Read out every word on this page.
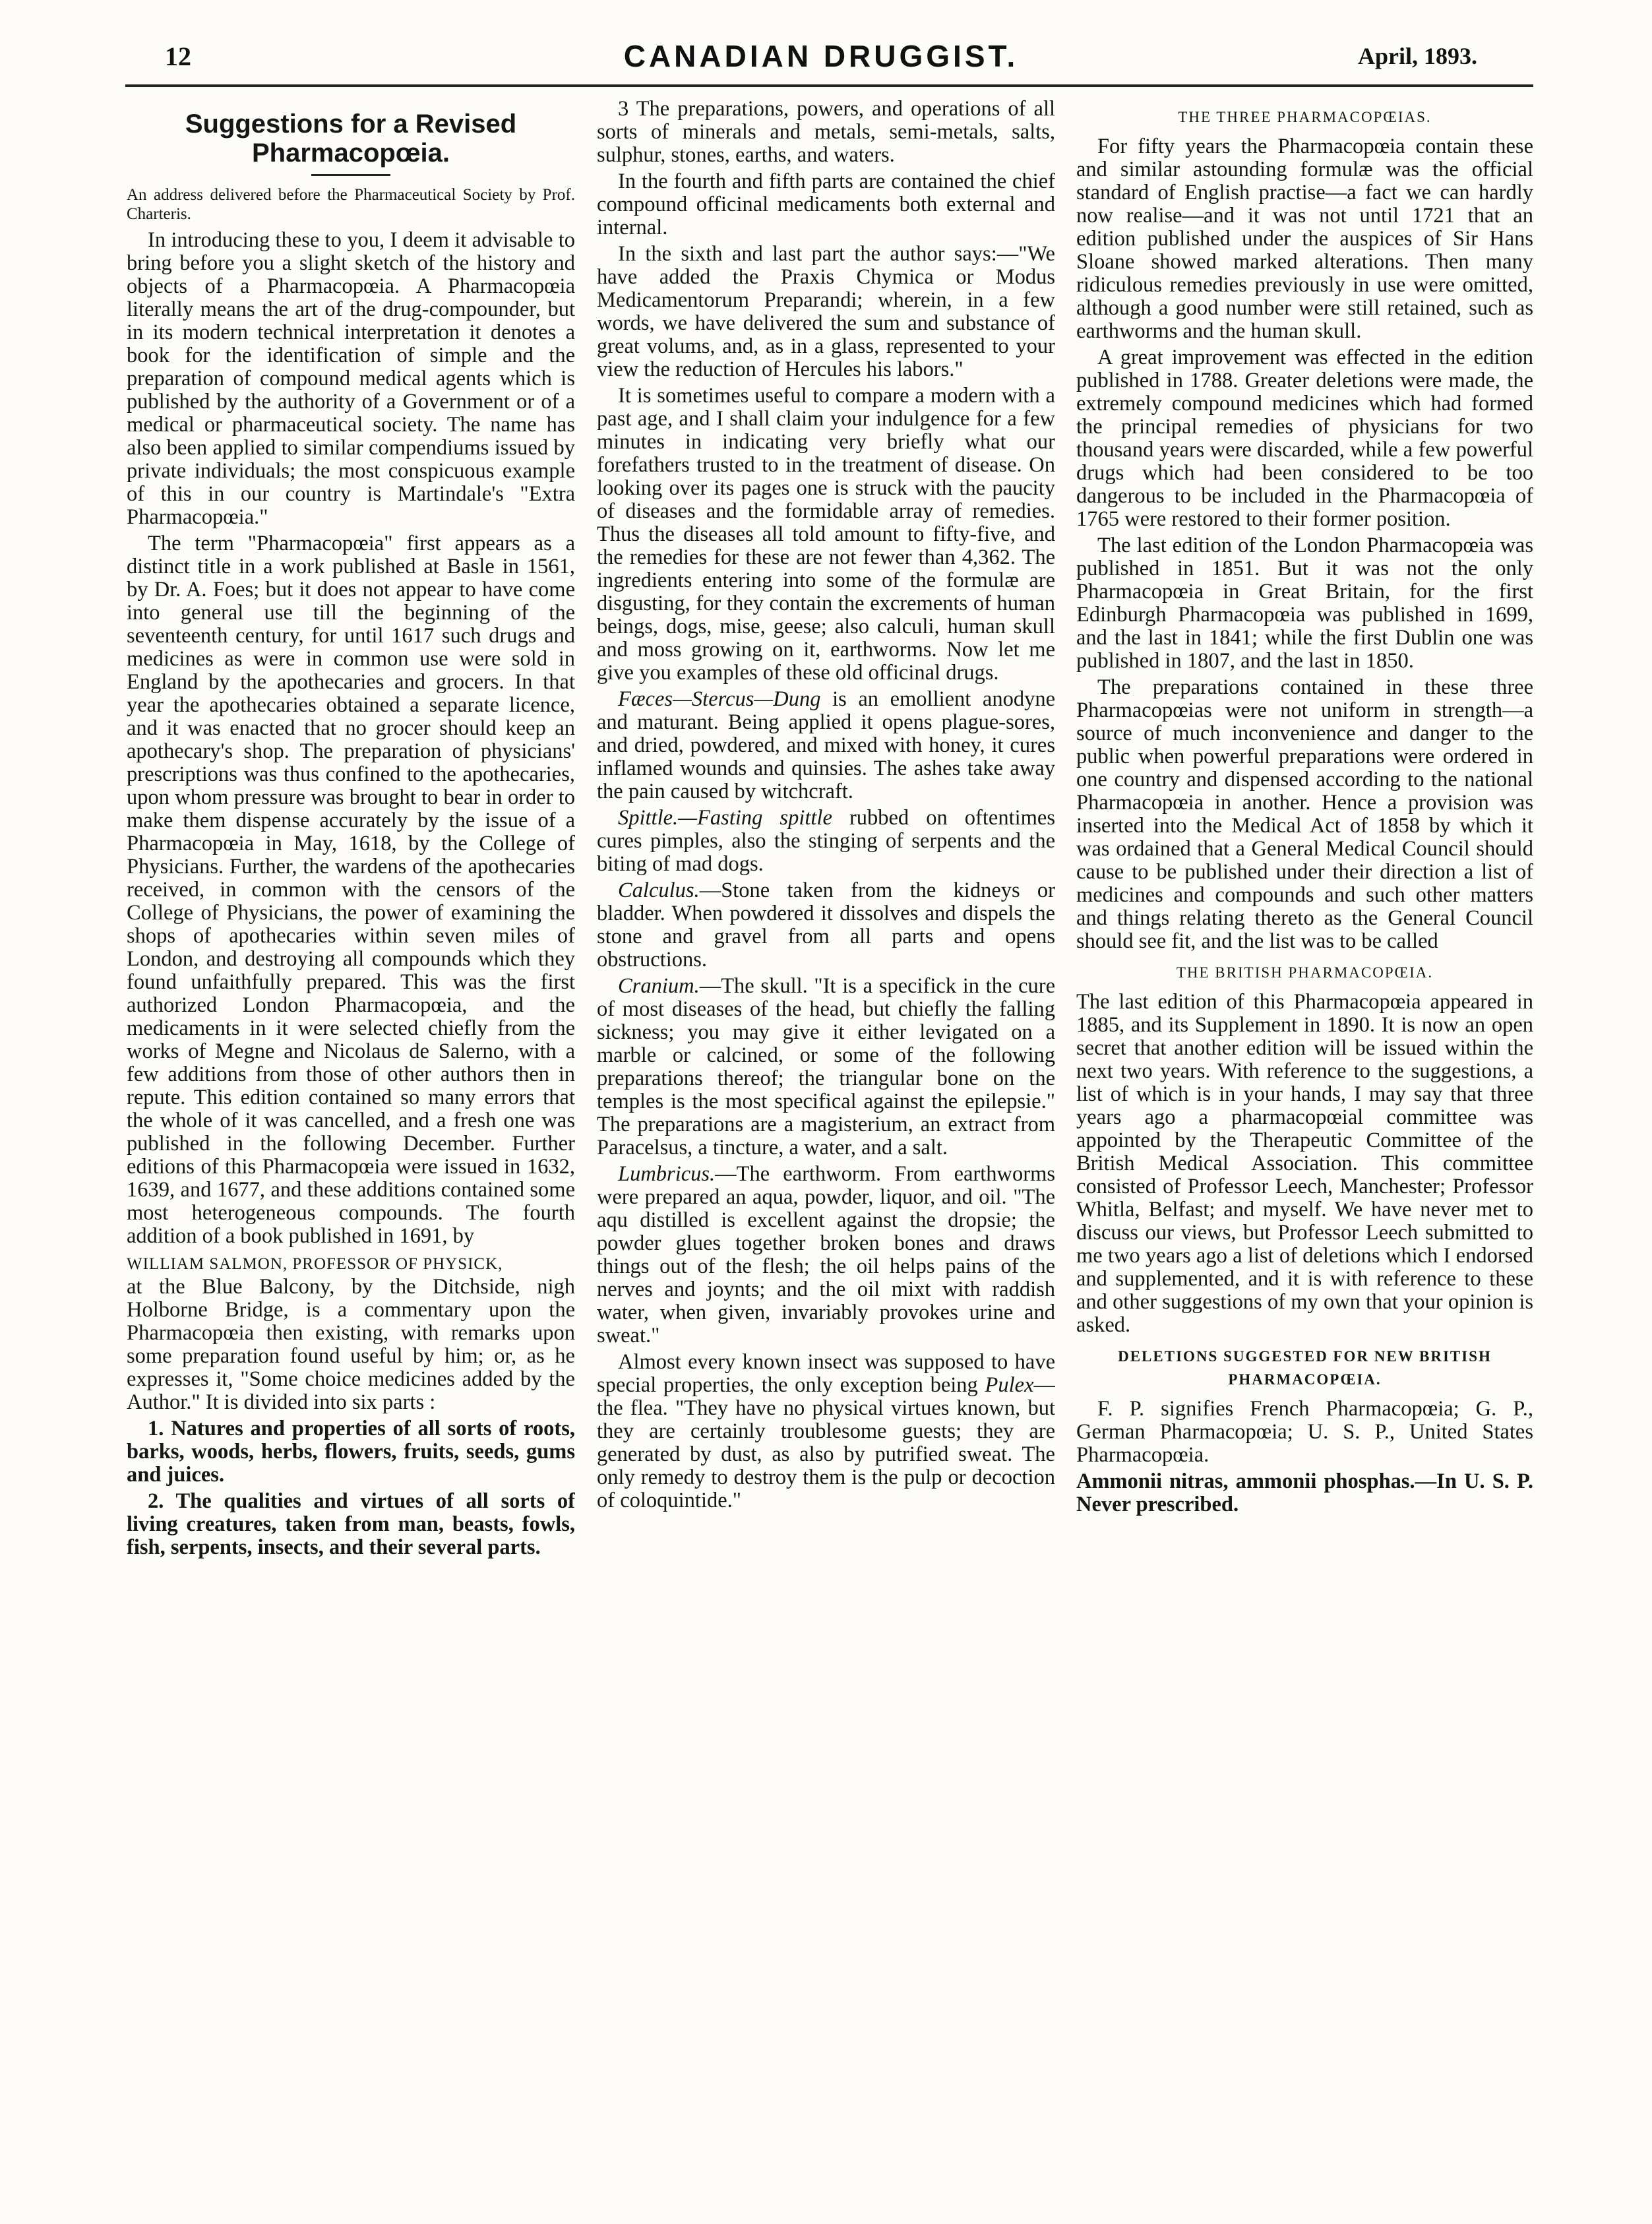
12	CANADIAN DRUGGIST.	April, 1893.
Suggestions for a Revised Pharmacopœia.

An address delivered before the Pharmaceutical Society by Prof. Charteris.

In introducing these to you, I deem it advisable to bring before you a slight sketch of the history and objects of a Pharmacopœia. A Pharmacopœia literally means the art of the drug-compounder, but in its modern technical interpretation it denotes a book for the identification of simple and the preparation of compound medical agents which is published by the authority of a Government or of a medical or pharmaceutical society. The name has also been applied to similar compendiums issued by private individuals; the most conspicuous example of this in our country is Martindale's "Extra Pharmacopœia."

The term "Pharmacopœia" first appears as a distinct title in a work published at Basle in 1561, by Dr. A. Foes; but it does not appear to have come into general use till the beginning of the seventeenth century, for until 1617 such drugs and medicines as were in common use were sold in England by the apothecaries and grocers. In that year the apothecaries obtained a separate licence, and it was enacted that no grocer should keep an apothecary's shop. The preparation of physicians' prescriptions was thus confined to the apothecaries, upon whom pressure was brought to bear in order to make them dispense accurately by the issue of a Pharmacopœia in May, 1618, by the College of Physicians. Further, the wardens of the apothecaries received, in common with the censors of the College of Physicians, the power of examining the shops of apothecaries within seven miles of London, and destroying all compounds which they found unfaithfully prepared. This was the first authorized London Pharmacopœia, and the medicaments in it were selected chiefly from the works of Megne and Nicolaus de Salerno, with a few additions from those of other authors then in repute. This edition contained so many errors that the whole of it was cancelled, and a fresh one was published in the following December. Further editions of this Pharmacopœia were issued in 1632, 1639, and 1677, and these additions contained some most heterogeneous compounds. The fourth addition of a book published in 1691, by

WILLIAM SALMON, PROFESSOR OF PHYSICK,
at the Blue Balcony, by the Ditchside, nigh Holborne Bridge, is a commentary upon the Pharmacopœia then existing, with remarks upon some preparation found useful by him; or, as he expresses it, "Some choice medicines added by the Author." It is divided into six parts :

1. Natures and properties of all sorts of roots, barks, woods, herbs, flowers, fruits, seeds, gums and juices.

2. The qualities and virtues of all sorts of living creatures, taken from man, beasts, fowls, fish, serpents, insects, and their several parts.

3 The preparations, powers, and operations of all sorts of minerals and metals, semi-metals, salts, sulphur, stones, earths, and waters.

In the fourth and fifth parts are contained the chief compound officinal medicaments both external and internal.

In the sixth and last part the author says:—"We have added the Praxis Chymica or Modus Medicamentorum Preparandi; wherein, in a few words, we have delivered the sum and substance of great volums, and, as in a glass, represented to your view the reduction of Hercules his labors."

It is sometimes useful to compare a modern with a past age, and I shall claim your indulgence for a few minutes in indicating very briefly what our forefathers trusted to in the treatment of disease. On looking over its pages one is struck with the paucity of diseases and the formidable array of remedies. Thus the diseases all told amount to fifty-five, and the remedies for these are not fewer than 4,362. The ingredients entering into some of the formulæ are disgusting, for they contain the excrements of human beings, dogs, mise, geese; also calculi, human skull and moss growing on it, earthworms. Now let me give you examples of these old officinal drugs.

Fæces—Stercus—Dung is an emollient anodyne and maturant. Being applied it opens plague-sores, and dried, powdered, and mixed with honey, it cures inflamed wounds and quinsies. The ashes take away the pain caused by witchcraft.

Spittle.—Fasting spittle rubbed on oftentimes cures pimples, also the stinging of serpents and the biting of mad dogs.

Calculus.—Stone taken from the kidneys or bladder. When powdered it dissolves and dispels the stone and gravel from all parts and opens obstructions.

Cranium.—The skull. "It is a specifick in the cure of most diseases of the head, but chiefly the falling sickness; you may give it either levigated on a marble or calcined, or some of the following preparations thereof; the triangular bone on the temples is the most specifical against the epilepsie." The preparations are a magisterium, an extract from Paracelsus, a tincture, a water, and a salt.

Lumbricus.—The earthworm. From earthworms were prepared an aqua, powder, liquor, and oil. "The aqu distilled is excellent against the dropsie; the powder glues together broken bones and draws things out of the flesh; the oil helps pains of the nerves and joynts; and the oil mixt with raddish water, when given, invariably provokes urine and sweat."

Almost every known insect was supposed to have special properties, the only exception being Pulex—the flea. "They have no physical virtues known, but they are certainly troublesome guests; they are generated by dust, as also by putrified sweat. The only remedy to destroy them is the pulp or decoction of coloquintide."

THE THREE PHARMACOPŒIAS.

For fifty years the Pharmacopœia contain these and similar astounding formulæ was the official standard of English practise—a fact we can hardly now realise—and it was not until 1721 that an edition published under the auspices of Sir Hans Sloane showed marked alterations. Then many ridiculous remedies previously in use were omitted, although a good number were still retained, such as earthworms and the human skull.

A great improvement was effected in the edition published in 1788. Greater deletions were made, the extremely compound medicines which had formed the principal remedies of physicians for two thousand years were discarded, while a few powerful drugs which had been considered to be too dangerous to be included in the Pharmacopœia of 1765 were restored to their former position.

The last edition of the London Pharmacopœia was published in 1851. But it was not the only Pharmacopœia in Great Britain, for the first Edinburgh Pharmacopœia was published in 1699, and the last in 1841; while the first Dublin one was published in 1807, and the last in 1850.

The preparations contained in these three Pharmacopœias were not uniform in strength—a source of much inconvenience and danger to the public when powerful preparations were ordered in one country and dispensed according to the national Pharmacopœia in another. Hence a provision was inserted into the Medical Act of 1858 by which it was ordained that a General Medical Council should cause to be published under their direction a list of medicines and compounds and such other matters and things relating thereto as the General Council should see fit, and the list was to be called

THE BRITISH PHARMACOPŒIA.

The last edition of this Pharmacopœia appeared in 1885, and its Supplement in 1890. It is now an open secret that another edition will be issued within the next two years. With reference to the suggestions, a list of which is in your hands, I may say that three years ago a pharmacopœial committee was appointed by the Therapeutic Committee of the British Medical Association. This committee consisted of Professor Leech, Manchester; Professor Whitla, Belfast; and myself. We have never met to discuss our views, but Professor Leech submitted to me two years ago a list of deletions which I endorsed and supplemented, and it is with reference to these and other suggestions of my own that your opinion is asked.

DELETIONS SUGGESTED FOR NEW BRITISH PHARMACOPŒIA.

F. P. signifies French Pharmacopœia; G. P., German Pharmacopœia; U. S. P., United States Pharmacopœia.

Ammonii nitras, ammonii phosphas.—In U. S. P. Never prescribed.
